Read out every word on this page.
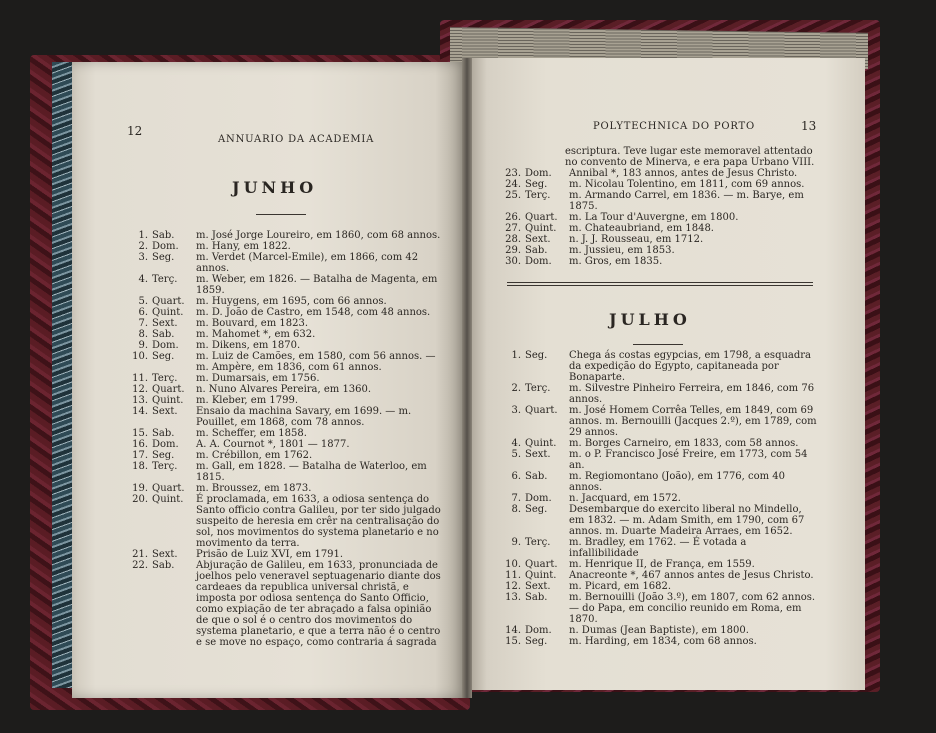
12
ANNUARIO DA ACADEMIA
JUNHO
1. Sab.	m. José Jorge Loureiro, em 1860, com 68 annos.
2. Dom.	m. Hany, em 1822.
3. Seg.	m. Verdet (Marcel-Emile), em 1866, com 42 annos.
4. Terç.	m. Weber, em 1826. — Batalha de Magenta, em 1859.
5. Quart.	m. Huygens, em 1695, com 66 annos.
6. Quint.	m. D. João de Castro, em 1548, com 48 annos.
7. Sext.	m. Bouvard, em 1823.
8. Sab.	m. Mahomet *, em 632.
9. Dom.	m. Dikens, em 1870.
10. Seg.	m. Luiz de Camões, em 1580, com 56 annos. — m. Ampère, em 1836, com 61 annos.
11. Terç.	m. Dumarsais, em 1756.
12. Quart.	n. Nuno Alvares Pereira, em 1360.
13. Quint.	m. Kleber, em 1799.
14. Sext.	Ensaio da machina Savary, em 1699. — m. Pouillet, em 1868, com 78 annos.
15. Sab.	m. Scheffer, em 1858.
16. Dom.	A. A. Cournot *, 1801 — 1877.
17. Seg.	m. Crébillon, em 1762.
18. Terç.	m. Gall, em 1828. — Batalha de Waterloo, em 1815.
19. Quart.	m. Broussez, em 1873.
20. Quint.	É proclamada, em 1633, a odiosa sentença do Santo officio contra Galileu, por ter sido julgado suspeito de heresia em crêr na centralisação do sol, nos movimentos do systema planetario e no movimento da terra.
21. Sext.	Prisão de Luiz XVI, em 1791.
22. Sab.	Abjuração de Galileu, em 1633, pronunciada de joelhos pelo veneravel septuagenario diante dos cardeaes da republica universal christã, e imposta por odiosa sentença do Santo Officio, como expiação de ter abraçado a falsa opinião de que o sol é o centro dos movimentos do systema planetario, e que a terra não é o centro e se move no espaço, como contraria á sagrada
POLYTECHNICA DO PORTO	13
escriptura. Teve lugar este memoravel attentado no convento de Minerva, e era papa Urbano VIII.
23. Dom.	Annibal *, 183 annos, antes de Jesus Christo.
24. Seg.	m. Nicolau Tolentino, em 1811, com 69 annos.
25. Terç.	m. Armando Carrel, em 1836. — m. Barye, em 1875.
26. Quart.	m. La Tour d'Auvergne, em 1800.
27. Quint.	m. Chateaubriand, em 1848.
28. Sext.	n. J. J. Rousseau, em 1712.
29. Sab.	m. Jussieu, em 1853.
30. Dom.	m. Gros, em 1835.
JULHO
1. Seg.	Chega ás costas egypcias, em 1798, a esquadra da expedição do Egypto, capitaneada por Bonaparte.
2. Terç.	m. Silvestre Pinheiro Ferreira, em 1846, com 76 annos.
3. Quart.	m. José Homem Corrêa Telles, em 1849, com 69 annos. m. Bernouilli (Jacques 2.º), em 1789, com 29 annos.
4. Quint.	m. Borges Carneiro, em 1833, com 58 annos.
5. Sext.	m. o P. Francisco José Freire, em 1773, com 54 an.
6. Sab.	m. Regiomontano (João), em 1776, com 40 annos.
7. Dom.	n. Jacquard, em 1572.
8. Seg.	Desembarque do exercito liberal no Mindello, em 1832. — m. Adam Smith, em 1790, com 67 annos. m. Duarte Madeira Arraes, em 1652.
9. Terç.	m. Bradley, em 1762. — É votada a infallibilidade
10. Quart.	m. Henrique II, de França, em 1559.
11. Quint.	Anacreonte *, 467 annos antes de Jesus Christo.
12. Sext.	m. Picard, em 1682.
13. Sab.	m. Bernouilli (João 3.º), em 1807, com 62 annos. — do Papa, em concilio reunido em Roma, em 1870.
14. Dom.	n. Dumas (Jean Baptiste), em 1800.
15. Seg.	m. Harding, em 1834, com 68 annos.
